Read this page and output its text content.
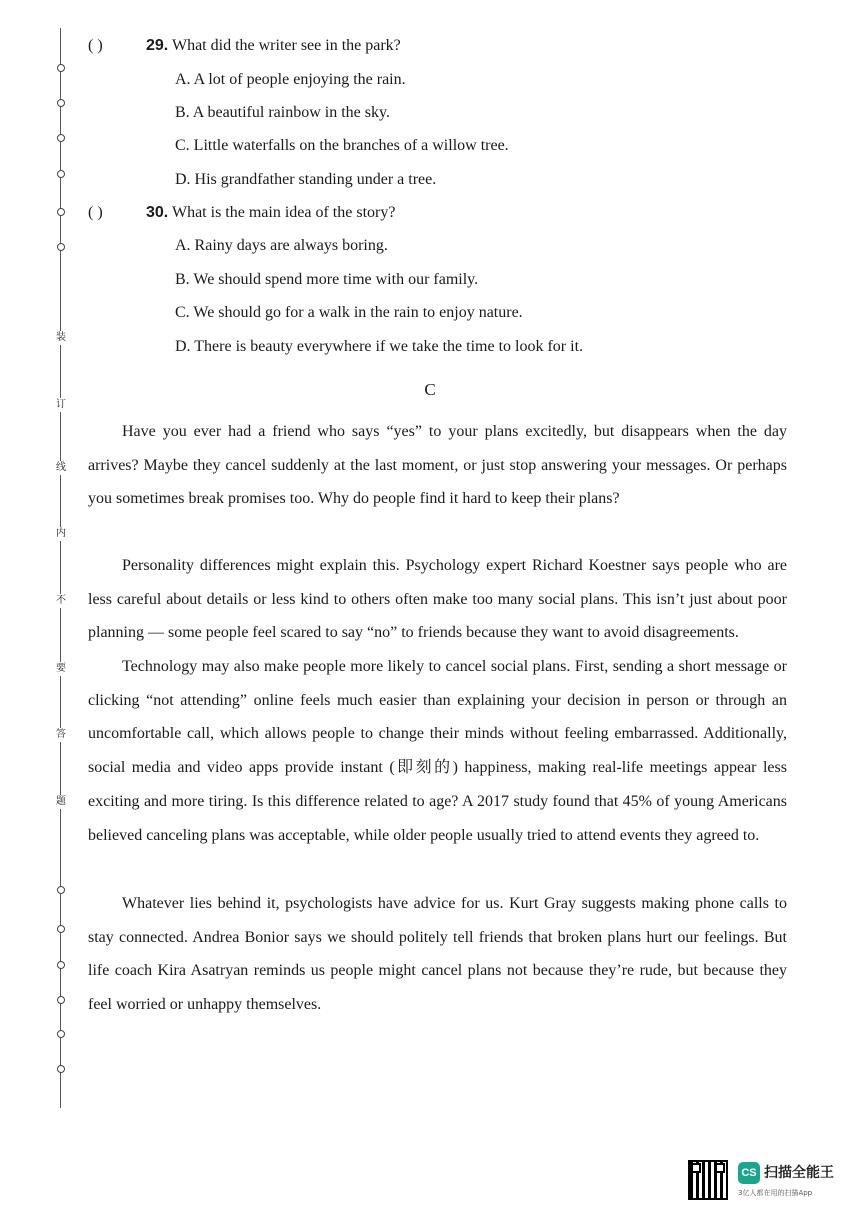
装
订
线
内
不
要
答
题
( )	29. What did the writer see in the park?
A. A lot of people enjoying the rain.
B. A beautiful rainbow in the sky.
C. Little waterfalls on the branches of a willow tree.
D. His grandfather standing under a tree.
( )	30. What is the main idea of the story?
A. Rainy days are always boring.
B. We should spend more time with our family.
C. We should go for a walk in the rain to enjoy nature.
D. There is beauty everywhere if we take the time to look for it.
C

Have you ever had a friend who says “yes” to your plans excitedly, but disappears when the day arrives? Maybe they cancel suddenly at the last moment, or just stop answering your messages. Or perhaps you sometimes break promises too. Why do people find it hard to keep their plans?

Personality differences might explain this. Psychology expert Richard Koestner says people who are less careful about details or less kind to others often make too many social plans. This isn’t just about poor planning — some people feel scared to say “no” to friends because they want to avoid disagreements.

Technology may also make people more likely to cancel social plans. First, sending a short message or clicking “not attending” online feels much easier than explaining your decision in person or through an uncomfortable call, which allows people to change their minds without feeling embarrassed. Additionally, social media and video apps provide instant (即刻的) happiness, making real-life meetings appear less exciting and more tiring. Is this difference related to age? A 2017 study found that 45% of young Americans believed canceling plans was acceptable, while older people usually tried to attend events they agreed to.

Whatever lies behind it, psychologists have advice for us. Kurt Gray suggests making phone calls to stay connected. Andrea Bonior says we should politely tell friends that broken plans hurt our feelings. But life coach Kira Asatryan reminds us people might cancel plans not because they’re rude, but because they feel worried or unhappy themselves.

CS 扫描全能王
3亿人都在用的扫描App
